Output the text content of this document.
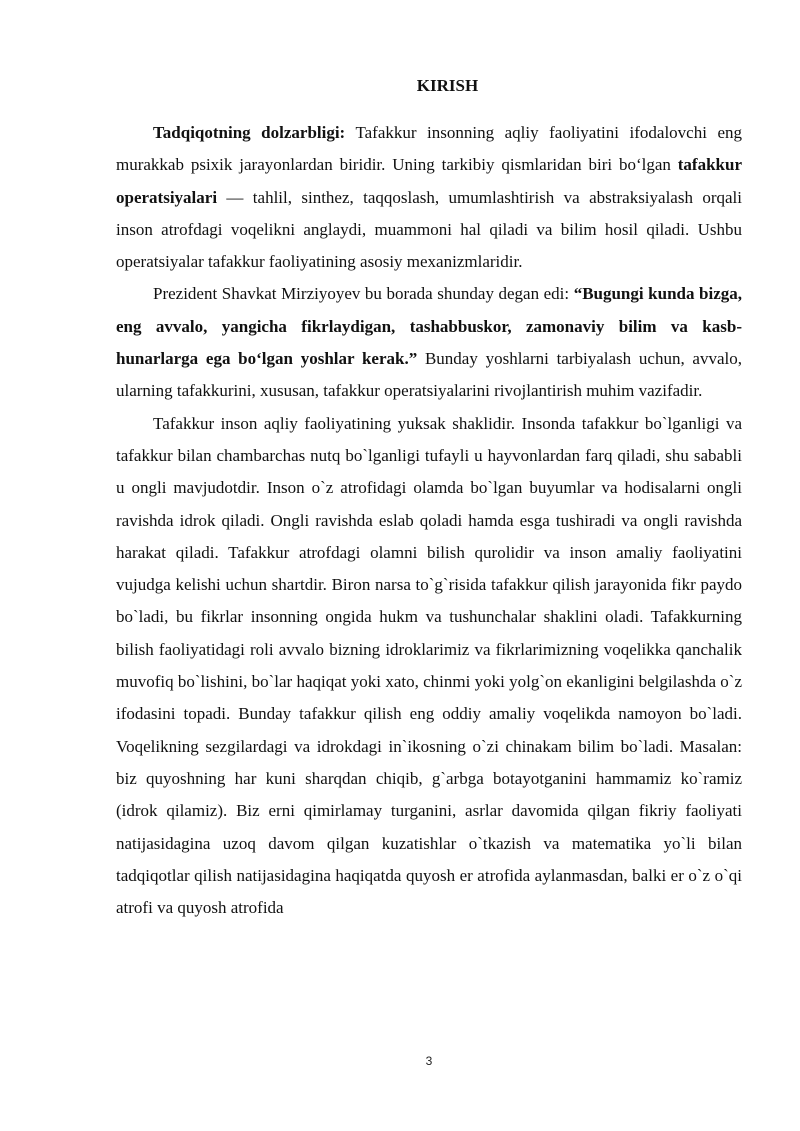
KIRISH

Tadqiqotning dolzarbligi: Tafakkur insonning aqliy faoliyatini ifodalovchi eng murakkab psixik jarayonlardan biridir. Uning tarkibiy qismlaridan biri bo‘lgan tafakkur operatsiyalari — tahlil, sinthez, taqqoslash, umumlashtirish va abstraksiyalash orqali inson atrofdagi voqelikni anglaydi, muammoni hal qiladi va bilim hosil qiladi. Ushbu operatsiyalar tafakkur faoliyatining asosiy mexanizmlaridir.

Prezident Shavkat Mirziyoyev bu borada shunday degan edi: “Bugungi kunda bizga, eng avvalo, yangicha fikrlaydigan, tashabbuskor, zamonaviy bilim va kasb-hunarlarga ega bo‘lgan yoshlar kerak.” Bunday yoshlarni tarbiyalash uchun, avvalo, ularning tafakkurini, xususan, tafakkur operatsiyalarini rivojlantirish muhim vazifadir.

Tafakkur inson aqliy faoliyatining yuksak shaklidir. Insonda tafakkur bo`lganligi va tafakkur bilan chambarchas nutq bo`lganligi tufayli u hayvonlardan farq qiladi, shu sababli u ongli mavjudotdir. Inson o`z atrofidagi olamda bo`lgan buyumlar va hodisalarni ongli ravishda idrok qiladi. Ongli ravishda eslab qoladi hamda esga tushiradi va ongli ravishda harakat qiladi. Tafakkur atrofdagi olamni bilish qurolidir va inson amaliy faoliyatini vujudga kelishi uchun shartdir. Biron narsa to`g`risida tafakkur qilish jarayonida fikr paydo bo`ladi, bu fikrlar insonning ongida hukm va tushunchalar shaklini oladi. Tafakkurning bilish faoliyatidagi roli avvalo bizning idroklarimiz va fikrlarimizning voqelikka qanchalik muvofiq bo`lishini, bo`lar haqiqat yoki xato, chinmi yoki yolg`on ekanligini belgilashda o`z ifodasini topadi. Bunday tafakkur qilish eng oddiy amaliy voqelikda namoyon bo`ladi. Voqelikning sezgilardagi va idrokdagi in`ikosning o`zi chinakam bilim bo`ladi. Masalan: biz quyoshning har kuni sharqdan chiqib, g`arbga botayotganini hammamiz ko`ramiz (idrok qilamiz). Biz erni qimirlamay turganini, asrlar davomida qilgan fikriy faoliyati natijasidagina uzoq davom qilgan kuzatishlar o`tkazish va matematika yo`li bilan tadqiqotlar qilish natijasidagina haqiqatda quyosh er atrofida aylanmasdan, balki er o`z o`qi atrofi va quyosh atrofida

3
